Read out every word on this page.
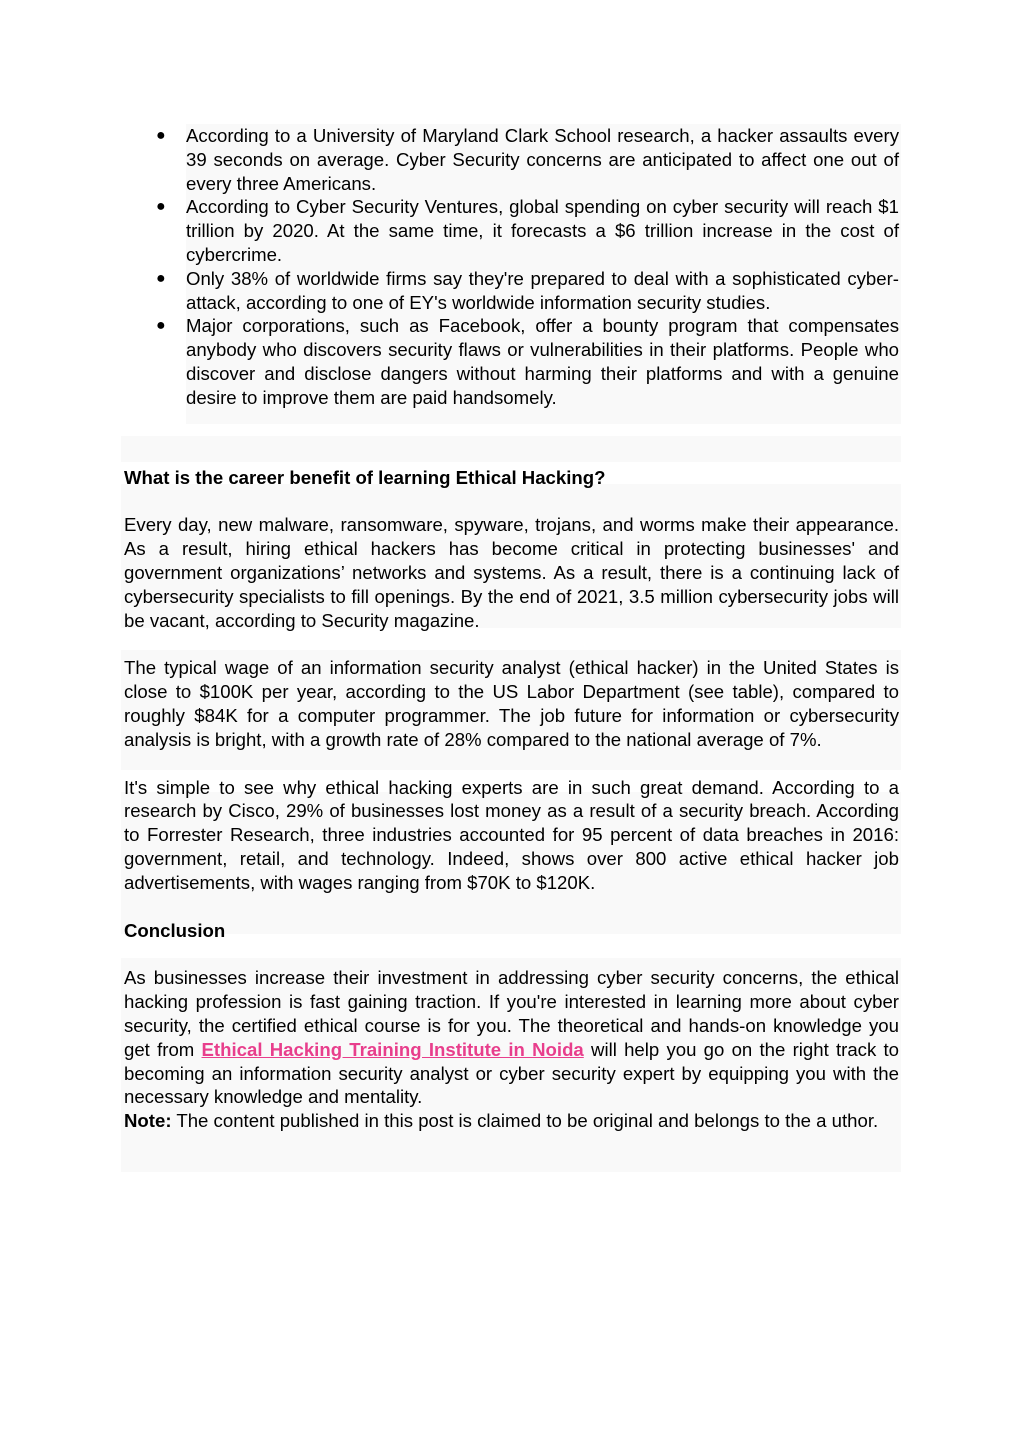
● According to a University of Maryland Clark School research, a hacker assaults every 39 seconds on average. Cyber Security concerns are anticipated to affect one out of every three Americans.
● According to Cyber Security Ventures, global spending on cyber security will reach $1 trillion by 2020. At the same time, it forecasts a $6 trillion increase in the cost of cybercrime.
● Only 38% of worldwide firms say they're prepared to deal with a sophisticated cyber-attack, according to one of EY's worldwide information security studies.
● Major corporations, such as Facebook, offer a bounty program that compensates anybody who discovers security flaws or vulnerabilities in their platforms. People who discover and disclose dangers without harming their platforms and with a genuine desire to improve them are paid handsomely.
What is the career benefit of learning Ethical Hacking?

Every day, new malware, ransomware, spyware, trojans, and worms make their appearance. As a result, hiring ethical hackers has become critical in protecting businesses' and government organizations’ networks and systems. As a result, there is a continuing lack of cybersecurity specialists to fill openings. By the end of 2021, 3.5 million cybersecurity jobs will be vacant, according to Security magazine.

The typical wage of an information security analyst (ethical hacker) in the United States is close to $100K per year, according to the US Labor Department (see table), compared to roughly $84K for a computer programmer. The job future for information or cybersecurity analysis is bright, with a growth rate of 28% compared to the national average of 7%.

It's simple to see why ethical hacking experts are in such great demand. According to a research by Cisco, 29% of businesses lost money as a result of a security breach. According to Forrester Research, three industries accounted for 95 percent of data breaches in 2016: government, retail, and technology. Indeed, shows over 800 active ethical hacker job advertisements, with wages ranging from $70K to $120K.

Conclusion

As businesses increase their investment in addressing cyber security concerns, the ethical hacking profession is fast gaining traction. If you're interested in learning more about cyber security, the certified ethical course is for you. The theoretical and hands-on knowledge you get from Ethical Hacking Training Institute in Noida will help you go on the right track to becoming an information security analyst or cyber security expert by equipping you with the necessary knowledge and mentality.

Note: The content published in this post is claimed to be original and belongs to the a uthor.
